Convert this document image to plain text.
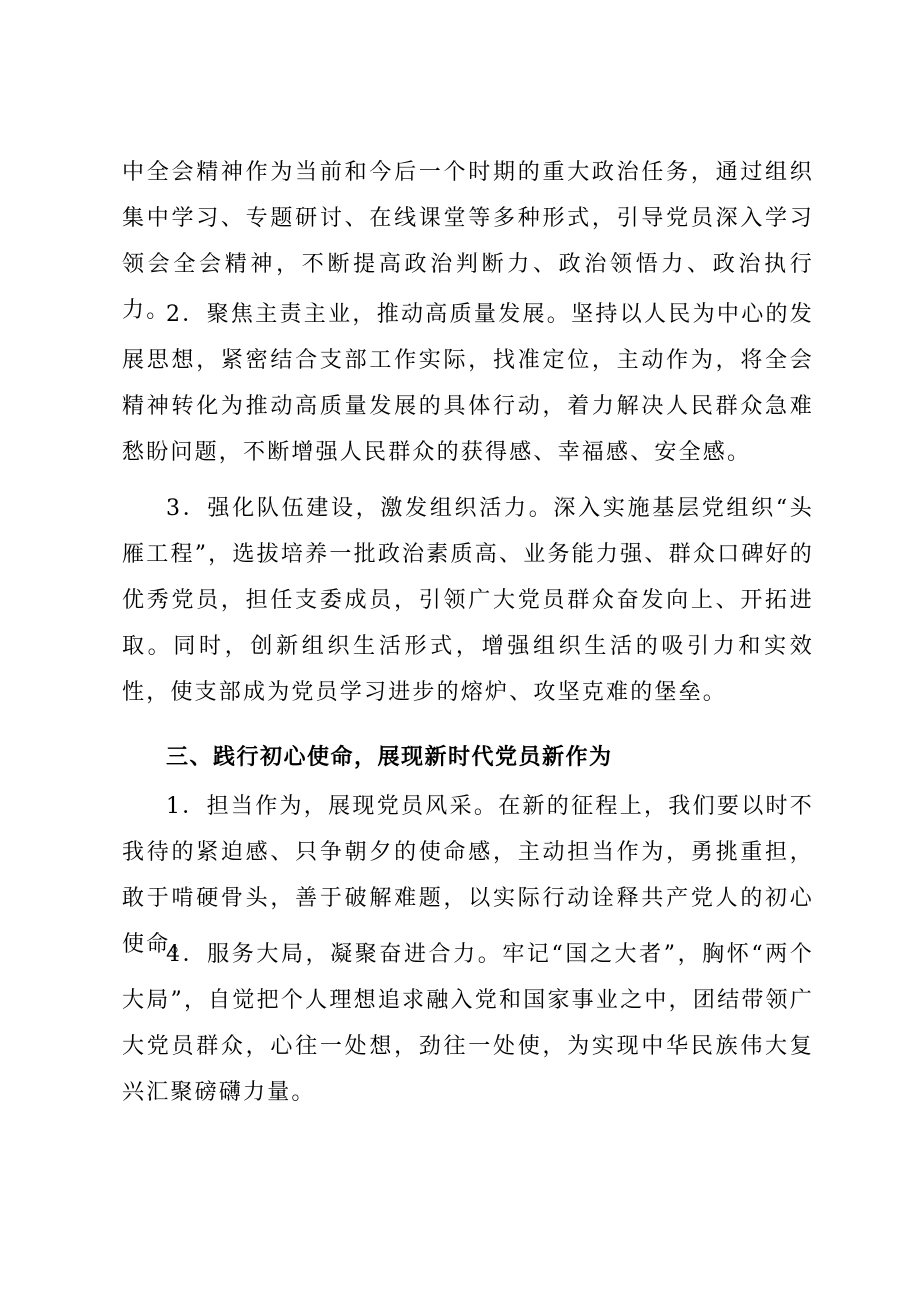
中全会精神作为当前和今后一个时期的重大政治任务，通过组织集中学习、专题研讨、在线课堂等多种形式，引导党员深入学习领会全会精神，不断提高政治判断力、政治领悟力、政治执行力。

2．聚焦主责主业，推动高质量发展。坚持以人民为中心的发展思想，紧密结合支部工作实际，找准定位，主动作为，将全会精神转化为推动高质量发展的具体行动，着力解决人民群众急难愁盼问题，不断增强人民群众的获得感、幸福感、安全感。

3．强化队伍建设，激发组织活力。深入实施基层党组织“头雁工程”，选拔培养一批政治素质高、业务能力强、群众口碑好的优秀党员，担任支委成员，引领广大党员群众奋发向上、开拓进取。同时，创新组织生活形式，增强组织生活的吸引力和实效性，使支部成为党员学习进步的熔炉、攻坚克难的堡垒。

三、践行初心使命，展现新时代党员新作为

1．担当作为，展现党员风采。在新的征程上，我们要以时不我待的紧迫感、只争朝夕的使命感，主动担当作为，勇挑重担，敢于啃硬骨头，善于破解难题，以实际行动诠释共产党人的初心使命。

4．服务大局，凝聚奋进合力。牢记“国之大者”，胸怀“两个大局”，自觉把个人理想追求融入党和国家事业之中，团结带领广大党员群众，心往一处想，劲往一处使，为实现中华民族伟大复兴汇聚磅礴力量。
